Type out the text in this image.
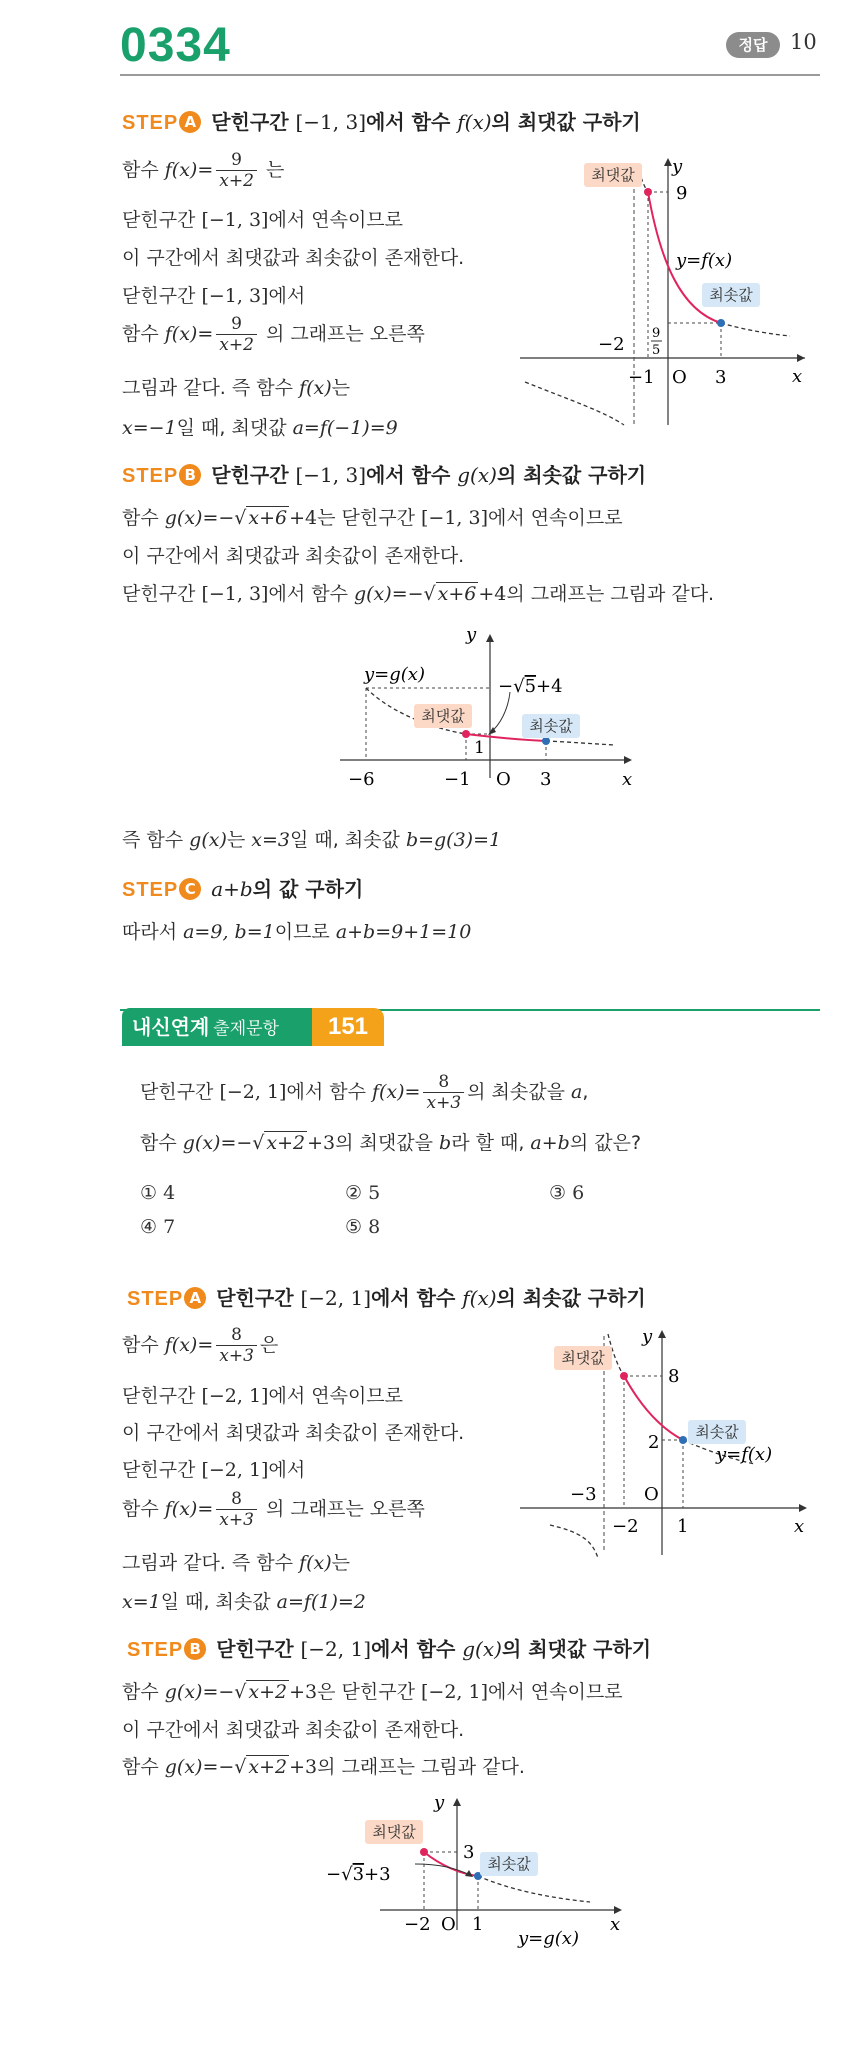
0334	정답	10
STEP A 닫힌구간 [−1, 3]에서 함수 f(x)의 최댓값 구하기
함수 $f(x)= \frac{9}{x+2}$ 는
닫힌구간 [−1, 3]에서 연속이므로
이 구간에서 최댓값과 최솟값이 존재한다.
닫힌구간 [−1, 3]에서
함수 $f(x)= \frac{9}{x+2}$ 의 그래프는 오른쪽
그림과 같다. 즉 함수 f(x)는
x=−1일 때, 최댓값 a=f(−1)=9
최댓값
최솟값
y
x
O
9
y=f(x)
9
5
−2
−1	3
STEP B 닫힌구간 [−1, 3]에서 함수 g(x)의 최솟값 구하기
함수 g(x)=−√ x+6 +4는 닫힌구간 [−1, 3]에서 연속이므로
이 구간에서 최댓값과 최솟값이 존재한다.
닫힌구간 [−1, 3]에서 함수 g(x)=−√ x+6 +4의 그래프는 그림과 같다.
최댓값
최솟값
y=g(x)
y
x
O
1
−√5+4
−6	−1	3
즉 함수 g(x)는 x=3일 때, 최솟값 b=g(3)=1
STEP C a+b의 값 구하기
따라서 a=9, b=1이므로 a+b=9+1=10
내신연계 출제문항	151
닫힌구간 [−2, 1]에서 함수 $f(x)= \frac{8}{x+3}$ 의 최솟값을 a,
함수 g(x)=−√ x+2 +3의 최댓값을 b라 할 때, a+b의 값은?
① 4	② 5	③ 6
④ 7	⑤ 8
STEP A 닫힌구간 [−2, 1]에서 함수 f(x)의 최솟값 구하기
함수 $f(x)= \frac{8}{x+3}$ 은
닫힌구간 [−2, 1]에서 연속이므로
이 구간에서 최댓값과 최솟값이 존재한다.
닫힌구간 [−2, 1]에서
함수 $f(x)= \frac{8}{x+3}$ 의 그래프는 오른쪽
그림과 같다. 즉 함수 f(x)는
x=1일 때, 최솟값 a=f(1)=2
최댓값
최솟값
y
x
O
8
2
y=f(x)
−3
−2 1
STEP B 닫힌구간 [−2, 1]에서 함수 g(x)의 최댓값 구하기
함수 g(x)=−√ x+2 +3은 닫힌구간 [−2, 1]에서 연속이므로
이 구간에서 최댓값과 최솟값이 존재한다.
함수 g(x)=−√ x+2 +3의 그래프는 그림과 같다.
최댓값
최솟값
y
x
O
3
−√3+3
−2 1
y=g(x)
